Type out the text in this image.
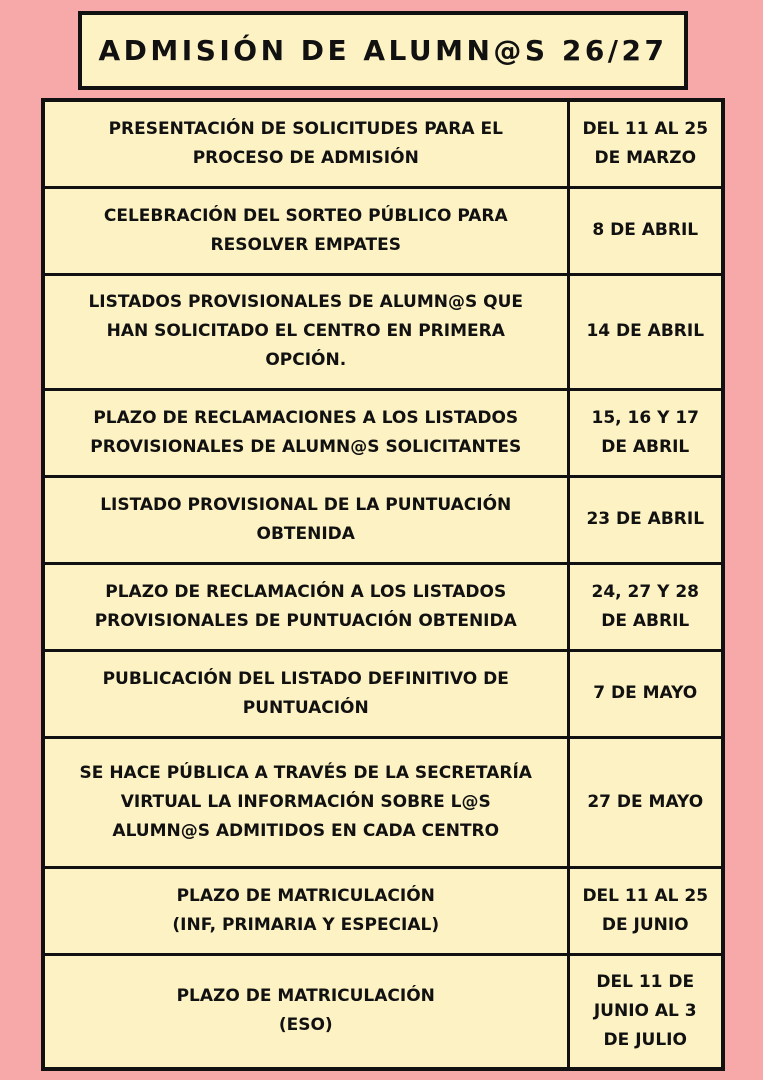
ADMISIÓN DE ALUMN@S 26/27
PRESENTACIÓN DE SOLICITUDES PARA EL
PROCESO DE ADMISIÓN	DEL 11 AL 25
DE MARZO

CELEBRACIÓN DEL SORTEO PÚBLICO PARA
RESOLVER EMPATES	8 DE ABRIL

LISTADOS PROVISIONALES DE ALUMN@S QUE
HAN SOLICITADO EL CENTRO EN PRIMERA
OPCIÓN.	14 DE ABRIL

PLAZO DE RECLAMACIONES A LOS LISTADOS
PROVISIONALES DE ALUMN@S SOLICITANTES	15, 16 Y 17
DE ABRIL

LISTADO PROVISIONAL DE LA PUNTUACIÓN
OBTENIDA	23 DE ABRIL

PLAZO DE RECLAMACIÓN A LOS LISTADOS
PROVISIONALES DE PUNTUACIÓN OBTENIDA	24, 27 Y 28
DE ABRIL

PUBLICACIÓN DEL LISTADO DEFINITIVO DE
PUNTUACIÓN	7 DE MAYO

SE HACE PÚBLICA A TRAVÉS DE LA SECRETARÍA
VIRTUAL LA INFORMACIÓN SOBRE L@S
ALUMN@S ADMITIDOS EN CADA CENTRO	27 DE MAYO

PLAZO DE MATRICULACIÓN
(INF, PRIMARIA Y ESPECIAL)	DEL 11 AL 25
DE JUNIO

PLAZO DE MATRICULACIÓN
(ESO)	DEL 11 DE
JUNIO AL 3
DE JULIO
